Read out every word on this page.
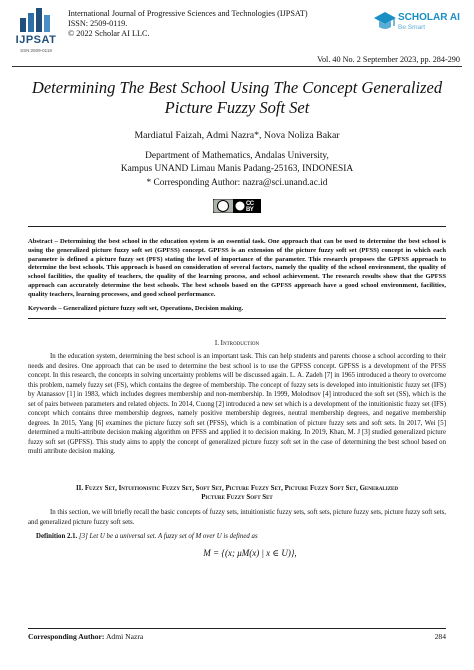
IJPSAT
SSN:2509-0119
International Journal of Progressive Sciences and Technologies (IJPSAT)
ISSN: 2509-0119.
© 2022 Scholar AI LLC.
SCHOLAR AI
Be Smart
Vol. 40 No. 2 September 2023, pp. 284-290
Determining The Best School Using The Concept Generalized
Picture Fuzzy Soft Set
Mardiatul Faizah, Admi Nazra*, Nova Noliza Bakar
Department of Mathematics, Andalas University,
Kampus UNAND Limau Manis Padang-25163, INDONESIA
* Corresponding Author: nazra@sci.unand.ac.id
CC BY
Abstract – Determining the best school in the education system is an essential task. One approach that can be used to determine the best school is using the generalized picture fuzzy soft set (GPFSS) concept. GPFSS is an extension of the picture fuzzy soft set (PFSS) concept in which each parameter is defined a picture fuzzy set (PFS) stating the level of importance of the parameter. This research proposes the GPFSS approach to determine the best schools. This approach is based on consideration of several factors, namely the quality of the school environment, the quality of school facilities, the quality of teachers, the quality of the learning process, and school achievement. The research results show that the GPFSS approach can accurately determine the best schools. The best schools based on the GPFSS approach have a good school environment, facilities, quality teachers, learning processes, and good school performance.
Keywords – Generalized picture fuzzy soft set, Operations, Decision making.
I. Introduction
In the education system, determining the best school is an important task. This can help students and parents choose a school according to their needs and desires. One approach that can be used to determine the best school is to use the GPFSS concept. GPFSS is a development of the PFSS concept. In this research, the concepts in solving uncertainty problems will be discussed again. L. A. Zadeh [7] in 1965 introduced a theory to overcome this problem, namely fuzzy set (FS), which contains the degree of membership. The concept of fuzzy sets is developed into intuitionistic fuzzy set (IFS) by Atanassov [1] in 1983, which includes degrees membership and non-membership. In 1999, Molodtsov [4] introduced the soft set (SS), which is the set of pairs between parameters and related objects. In 2014, Cuong [2] introduced a new set which is a development of the intuitionistic fuzzy set (IFS) concept which contains three membership degrees, namely positive membership degrees, neutral membership degrees, and negative membership degrees. In 2015, Yang [6] examines the picture fuzzy soft set (PFSS), which is a combination of picture fuzzy sets and soft sets. In 2017, Wei [5] determined a multi-attribute decision making algorithm on PFSS and applied it to decision making. In 2019, Khan, M. J [3] studied generalized picture fuzzy soft set (GPFSS). This study aims to apply the concept of generalized picture fuzzy soft set in the case of determining the best school based on multi attribute decision making.
II. Fuzzy Set, Intuitionistic Fuzzy Set, Soft Set, Picture Fuzzy Set, Picture Fuzzy Soft Set, Generalized
Picture Fuzzy Soft Set
In this section, we will briefly recall the basic concepts of fuzzy sets, intuitionistic fuzzy sets, soft sets, picture fuzzy sets, picture fuzzy soft sets, and generalized picture fuzzy soft sets.
Definition 2.1. [3] Let U be a universal set. A fuzzy set of M over U is defined as
M = {(x; μM(x) | x ∈ U)},
Corresponding Author: Admi Nazra	284
